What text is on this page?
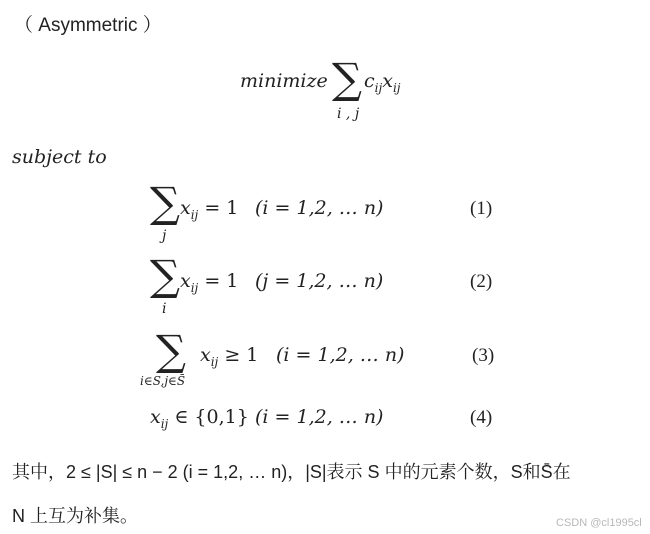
（ Asymmetric ）
minimize ∑
i , j
$c_{ij}x_{ij}$
subject to
∑
j
$x_{ij} = 1$ (i = 1,2, … n)	(1)
∑
i
$x_{ij} = 1$ (j = 1,2, … n)	(2)
∑
i∈S,j∈S̄
$x_{ij} \ge 1$ (i = 1,2, … n)	(3)
$x_{ij}$ ∈ {0,1} (i = 1,2, … n)	(4)
其中，2 ≤ |S| ≤ n − 2 (i = 1,2, … n)，|S|表示 S 中的元素个数，S和S̄在
N 上互为补集。	CSDN @cl1995cl
